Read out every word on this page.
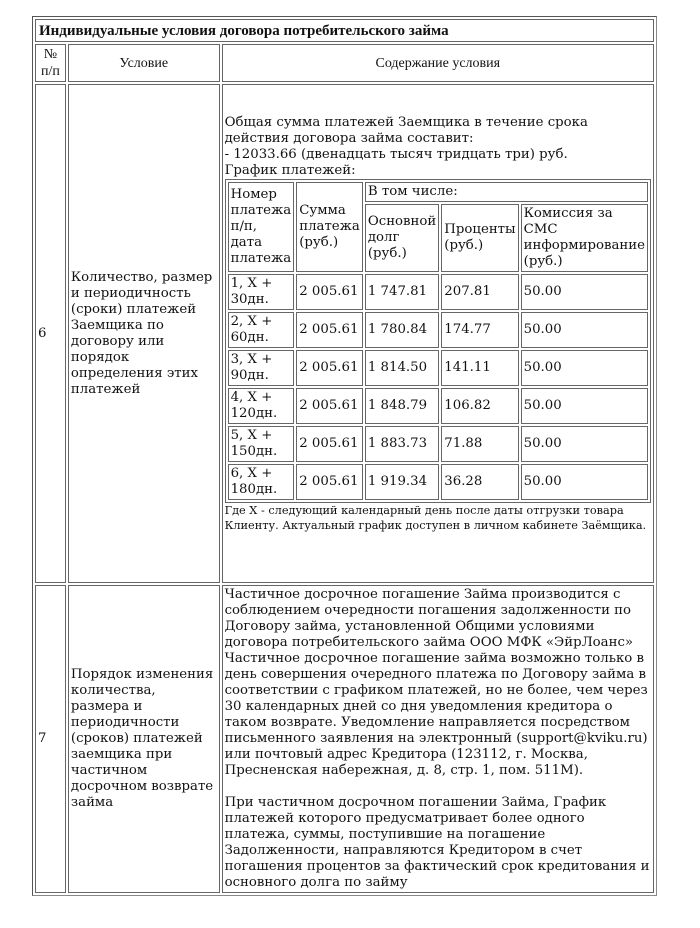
Индивидуальные условия договора потребительского займа
№ п/п	Условие	Содержание условия
6	Количество, размер и периодичность (сроки) платежей Заемщика по договору или порядок определения этих платежей	

Общая сумма платежей Заемщика в течение срока действия договора займа составит:

- 12033.66 (двенадцать тысяч тридцать три) руб.

График платежей:

Номер платежа п/п, дата платежа	Сумма платежа (руб.)	В том числе:
Основной долг (руб.)	Проценты (руб.)	Комиссия за СМС информирование (руб.)
1, X + 30дн.	2 005.61	1 747.81	207.81	50.00
2, X + 60дн.	2 005.61	1 780.84	174.77	50.00
3, X + 90дн.	2 005.61	1 814.50	141.11	50.00
4, X + 120дн.	2 005.61	1 848.79	106.82	50.00
5, X + 150дн.	2 005.61	1 883.73	71.88	50.00
6, X + 180дн.	2 005.61	1 919.34	36.28	50.00

Где X - следующий календарный день после даты отгрузки товара Клиенту. Актуальный график доступен в личном кабинете Заёмщика.

7	Порядок изменения количества, размера и периодичности (сроков) платежей заемщика при частичном досрочном возврате займа	

Частичное досрочное погашение Займа производится с соблюдением очередности погашения задолженности по Договору займа, установленной Общими условиями договора потребительского займа ООО МФК «ЭйрЛоанс»

Частичное досрочное погашение займа возможно только в день совершения очередного платежа по Договору займа в соответствии с графиком платежей, но не более, чем через 30 календарных дней со дня уведомления кредитора о таком возврате. Уведомление направляется посредством письменного заявления на электронный (support@kviku.ru) или почтовый адрес Кредитора (123112, г. Москва, Пресненская набережная, д. 8, стр. 1, пом. 511М).

При частичном досрочном погашении Займа, График платежей которого предусматривает более одного платежа, суммы, поступившие на погашение Задолженности, направляются Кредитором в счет погашения процентов за фактический срок кредитования и основного долга по займу
